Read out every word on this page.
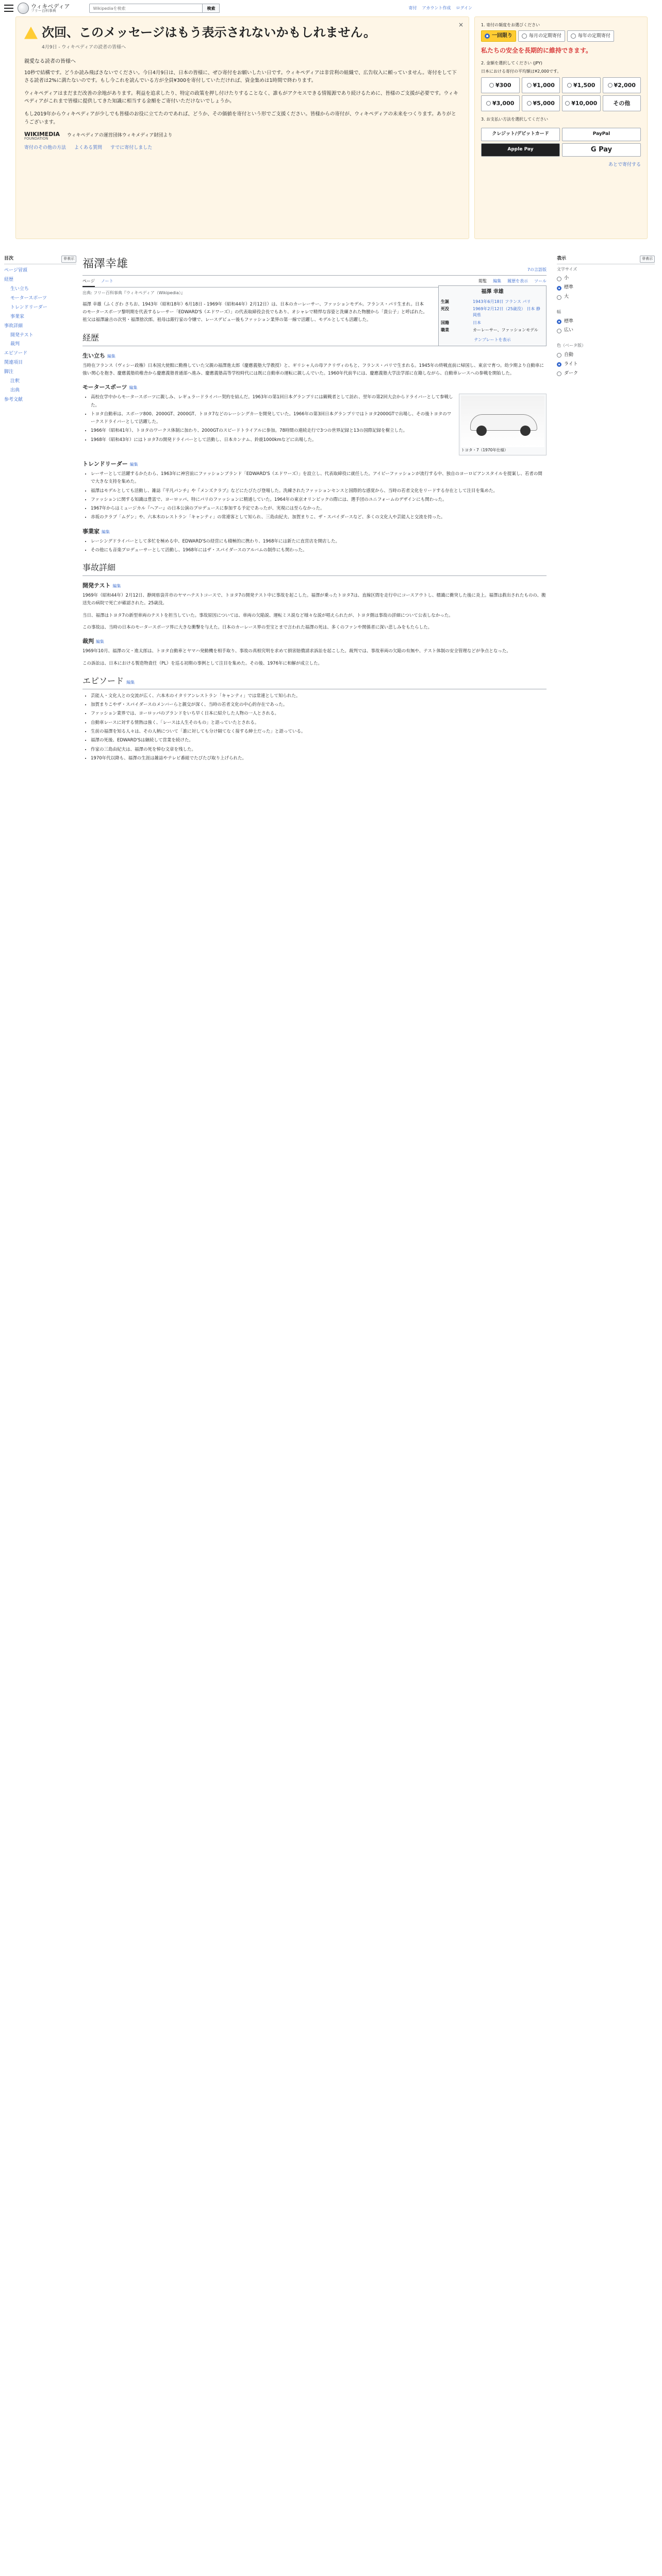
ウィキペディア
フリー百科事典
Wikipediaを検索
検索	寄付 アカウント作成 ログイン
×
次回、このメッセージはもう表示されないかもしれません。
4月9日 - ウィキペディアの読者の皆様へ

親愛なる読者の皆様へ

10秒で結構です。どうか読み飛ばさないでください。今日4月9日は、日本の皆様に、ぜひ寄付をお願いしたい日です。ウィキペディアは非営利の組織で、広告収入に頼っていません。寄付をして下さる読者は2%に満たないのです。もし今これを読んでいる方が全員¥300を寄付していただければ、資金集めは1時間で終わります。

ウィキペディアはまだまだ改善の余地があります。利益を追求したり、特定の政策を押し付けたりすることなく、誰もがアクセスできる情報源であり続けるために、皆様のご支援が必要です。ウィキペディアがこれまで皆様に提供してきた知識に相当する金額をご寄付いただけないでしょうか。

もし2019年からウィキペディアが少しでも皆様のお役に立てたのであれば、どうか、その価値を寄付という形でご支援ください。皆様からの寄付が、ウィキペディアの未来をつくります。ありがとうございます。

WIKIMEDIA
FOUNDATION
ウィキペディアの運営団体ウィキメディア財団より
寄付のその他の方法 よくある質問 すでに寄付しました

1. 寄付の頻度をお選びください

一回限り	毎月の定期寄付	毎年の定期寄付
私たちの安全を長期的に維持できます。

2. 金額を選択してください (JPY)

日本における寄付の平均額は¥2,000です。

¥300	¥1,000	¥1,500	¥2,000
¥3,000	¥5,000	¥10,000	その他

3. お支払い方法を選択してください

クレジット/デビットカード	PayPal
Apple Pay	G Pay
あとで寄付する
目次	非表示
ページ冒頭
経歴
生い立ち
モータースポーツ
トレンドリーダー
事業家
事故詳細
開発テスト
裁判
エピソード
関連項目
脚注
注釈
出典
参考文献
福澤幸雄	7の言語版
ページ ノート	閲覧 編集 履歴を表示 ツール
出典: フリー百科事典『ウィキペディア（Wikipedia）』	福澤 幸雄
生誕	1943年6月18日 フランス パリ
死没	1969年2月12日（25歳没） 日本 静岡県
国籍	日本
職業	カーレーサー、ファッションモデル
テンプレートを表示

福澤 幸雄（ふくざわ さちお、1943年（昭和18年）6月18日 - 1969年（昭和44年）2月12日）は、日本のカーレーサー、ファッションモデル。フランス・パリ生まれ。日本のモータースポーツ黎明期を代表するレーサー「EDWARD'S（エドワーズ）」の代表取締役会長でもあり、オシャレで精悍な容姿と洗練された物腰から「貴公子」と呼ばれた。祖父は福澤諭吉の次男・福澤捨次郎。祖母は銀行家の令嬢で、レースデビュー後もファッション業界の第一線で活躍し、モデルとしても活躍した。

経歴
生い立ち 編集

当時在フランス（ヴィシー政権）日本国大使館に勤務していた父親の福澤進太郎（慶應義塾大学教授）と、ギリシャ人の母アクリヴィのもと、フランス・パリで生まれる。1945年の終戦直前に帰国し、東京で育つ。幼少期より自動車に強い関心を抱き、慶應義塾幼稚舎から慶應義塾普通部へ進み、慶應義塾高等学校時代には既に自動車の運転に親しんでいた。1960年代前半には、慶應義塾大学法学部に在籍しながら、自動車レースへの参戦を開始した。

モータースポーツ 編集
トヨタ・7（1970年仕様）
• 高校在学中からモータースポーツに親しみ、レギュラードライバー契約を結んだ。1963年の第1回日本グランプリには観戦者として訪れ、翌年の第2回大会からドライバーとして参戦した。
• トヨタ自動車は、スポーツ800、2000GT、2000GT、トヨタ7などのレーシングカーを開発していた。1966年の第3回日本グランプリではトヨタ2000GTで出場し、その後トヨタのワークスドライバーとして活躍した。
• 1966年（昭和41年）、トヨタのワークス体制に加わり、2000GTのスピードトライアルに参加。78時間の連続走行で3つの世界記録と13の国際記録を樹立した。
• 1968年（昭和43年）にはトヨタ7の開発ドライバーとして活動し、日本カンナム、鈴鹿1000kmなどに出場した。
トレンドリーダー 編集
• レーサーとして活躍するかたわら、1963年に神宮前にファッションブランド「EDWARD'S（エドワーズ）」を設立し、代表取締役に就任した。アイビーファッションが流行する中、独自のヨーロピアンスタイルを提案し、若者の間で大きな支持を集めた。
• 福澤はモデルとしても活動し、雑誌『平凡パンチ』や『メンズクラブ』などにたびたび登場した。洗練されたファッションセンスと国際的な感覚から、当時の若者文化をリードする存在として注目を集めた。
• ファッションに関する知識は豊富で、ヨーロッパ、特にパリのファッションに精通していた。1964年の東京オリンピックの際には、選手団のユニフォームのデザインにも関わった。
• 1967年からはミュージカル『ヘアー』の日本公演のプロデュースに参加する予定であったが、実現には至らなかった。
• 赤坂のクラブ「ムゲン」や、六本木のレストラン「キャンティ」の常連客として知られ、三島由紀夫、加賀まりこ、ザ・スパイダースなど、多くの文化人や芸能人と交流を持った。
事業家 編集
• レーシングドライバーとして多忙を極める中、EDWARD'Sの経営にも積極的に携わり、1968年には新たに直営店を開店した。
• その他にも音楽プロデューサーとして活動し、1968年にはザ・スパイダースのアルバムの制作にも関わった。
事故詳細
開発テスト 編集

1969年（昭和44年）2月12日、静岡県袋井市のヤマハテストコースで、トヨタ7の開発テスト中に事故を起こした。福澤が乗ったトヨタ7は、直線区間を走行中にコースアウトし、標識に衝突した後に炎上。福澤は救出されたものの、搬送先の病院で死亡が確認された。25歳没。

当日、福澤はトヨタ7の新型車両のテストを担当していた。事故原因については、車両の欠陥説、運転ミス説など様々な説が唱えられたが、トヨタ側は事故の詳細について公表しなかった。

この事故は、当時の日本のモータースポーツ界に大きな衝撃を与えた。日本のカーレース界の至宝とまで言われた福澤の死は、多くのファンや関係者に深い悲しみをもたらした。

裁判 編集

1969年10月、福澤の父・進太郎は、トヨタ自動車とヤマハ発動機を相手取り、事故の真相究明を求めて損害賠償請求訴訟を起こした。裁判では、事故車両の欠陥の有無や、テスト体制の安全管理などが争点となった。

この訴訟は、日本における製造物責任（PL）を巡る初期の事例として注目を集めた。その後、1976年に和解が成立した。

エピソード 編集
• 芸能人・文化人との交流が広く、六本木のイタリアンレストラン「キャンティ」では常連として知られた。
• 加賀まりこやザ・スパイダースのメンバーらと親交が深く、当時の若者文化の中心的存在であった。
• ファッション業界では、ヨーロッパのブランドをいち早く日本に紹介した人物の一人とされる。
• 自動車レースに対する情熱は強く、「レースは人生そのもの」と語っていたとされる。
• 生前の福澤を知る人々は、その人柄について「誰に対しても分け隔てなく接する紳士だった」と語っている。
• 福澤の死後、EDWARD'Sは継続して営業を続けた。
• 作家の三島由紀夫は、福澤の死を悼む文章を残した。
• 1970年代以降も、福澤の生涯は雑誌やテレビ番組でたびたび取り上げられた。
表示	非表示
文字サイズ
小
標準
大
幅
標準
広い
色（ベータ版）
自動
ライト
ダーク
